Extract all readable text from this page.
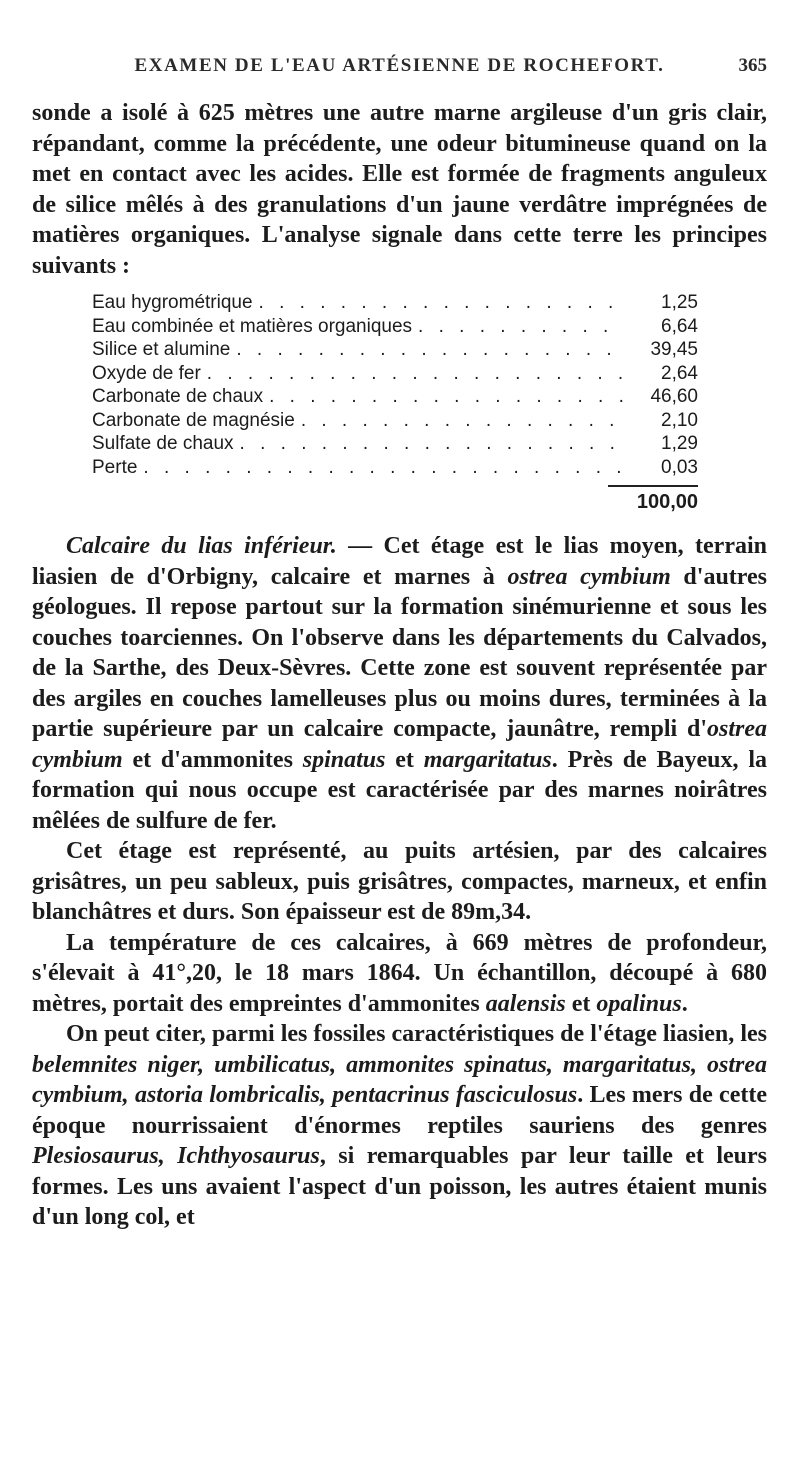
EXAMEN DE L'EAU ARTÉSIENNE DE ROCHEFORT.	365

sonde a isolé à 625 mètres une autre marne argileuse d'un gris clair, répandant, comme la précédente, une odeur bitumineuse quand on la met en contact avec les acides. Elle est formée de fragments anguleux de silice mêlés à des granulations d'un jaune verdâtre imprégnées de matières organiques. L'analyse signale dans cette terre les principes suivants :

Eau hygrométrique . . .	1,25
Eau combinée et matières organiques . . .	6,64
Silice et alumine . . .	39,45
Oxyde de fer . . .	2,64
Carbonate de chaux . . .	46,60
Carbonate de magnésie . . .	2,10
Sulfate de chaux . . .	1,29
Perte . . .	0,03
100,00

Calcaire du lias inférieur. — Cet étage est le lias moyen, terrain liasien de d'Orbigny, calcaire et marnes à ostrea cymbium d'autres géologues. Il repose partout sur la formation sinémurienne et sous les couches toarciennes. On l'observe dans les départements du Calvados, de la Sarthe, des Deux-Sèvres. Cette zone est souvent représentée par des argiles en couches lamelleuses plus ou moins dures, terminées à la partie supérieure par un calcaire compacte, jaunâtre, rempli d'ostrea cymbium et d'ammonites spinatus et margaritatus. Près de Bayeux, la formation qui nous occupe est caractérisée par des marnes noirâtres mêlées de sulfure de fer.

Cet étage est représenté, au puits artésien, par des calcaires grisâtres, un peu sableux, puis grisâtres, compactes, marneux, et enfin blanchâtres et durs. Son épaisseur est de 89m,34.

La température de ces calcaires, à 669 mètres de profondeur, s'élevait à 41°,20, le 18 mars 1864. Un échantillon, découpé à 680 mètres, portait des empreintes d'ammonites aalensis et opalinus.

On peut citer, parmi les fossiles caractéristiques de l'étage liasien, les belemnites niger, umbilicatus, ammonites spinatus, margaritatus, ostrea cymbium, astoria lombricalis, pentacrinus fasciculosus. Les mers de cette époque nourrissaient d'énormes reptiles sauriens des genres Plesiosaurus, Ichthyosaurus, si remarquables par leur taille et leurs formes. Les uns avaient l'aspect d'un poisson, les autres étaient munis d'un long col, et
